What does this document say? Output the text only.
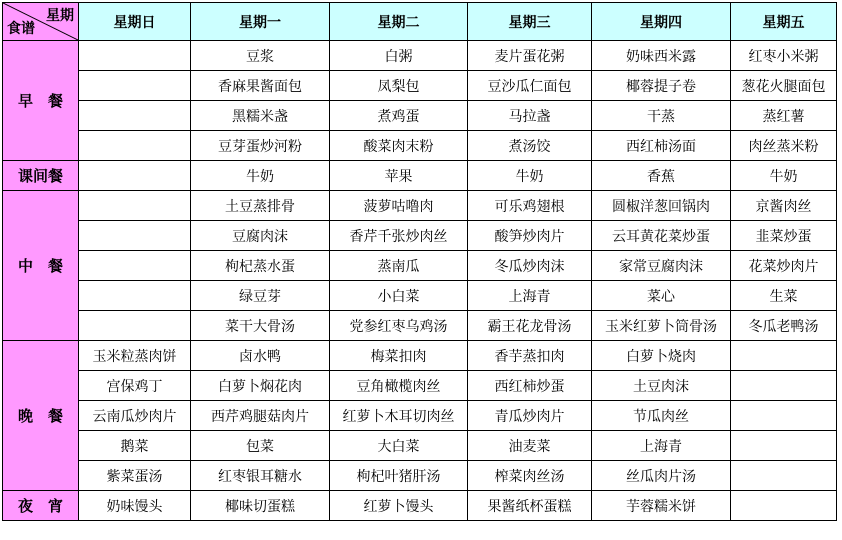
星期
食谱	星期日	星期一	星期二	星期三	星期四	星期五
早　餐		豆浆	白粥	麦片蛋花粥	奶味西米露	红枣小米粥
		香麻果酱面包	凤梨包	豆沙瓜仁面包	椰蓉提子卷	葱花火腿面包
		黑糯米盏	煮鸡蛋	马拉盏	干蒸	蒸红薯
		豆芽蛋炒河粉	酸菜肉末粉	煮汤饺	西红柿汤面	肉丝蒸米粉
课间餐		牛奶	苹果	牛奶	香蕉	牛奶
中　餐		土豆蒸排骨	菠萝咕噜肉	可乐鸡翅根	圆椒洋葱回锅肉	京酱肉丝
		豆腐肉沫	香芹千张炒肉丝	酸笋炒肉片	云耳黄花菜炒蛋	韭菜炒蛋
		枸杞蒸水蛋	蒸南瓜	冬瓜炒肉沫	家常豆腐肉沫	花菜炒肉片
		绿豆芽	小白菜	上海青	菜心	生菜
		菜干大骨汤	党参红枣乌鸡汤	霸王花龙骨汤	玉米红萝卜筒骨汤	冬瓜老鸭汤
晚　餐	玉米粒蒸肉饼	卤水鸭	梅菜扣肉	香芋蒸扣肉	白萝卜烧肉	
	宫保鸡丁	白萝卜焖花肉	豆角橄榄肉丝	西红柿炒蛋	土豆肉沫	
	云南瓜炒肉片	西芹鸡腿菇肉片	红萝卜木耳切肉丝	青瓜炒肉片	节瓜肉丝	
	鹅菜	包菜	大白菜	油麦菜	上海青	
	紫菜蛋汤	红枣银耳糖水	枸杞叶猪肝汤	榨菜肉丝汤	丝瓜肉片汤	
夜　宵	奶味馒头	椰味切蛋糕	红萝卜馒头	果酱纸杯蛋糕	芋蓉糯米饼	
